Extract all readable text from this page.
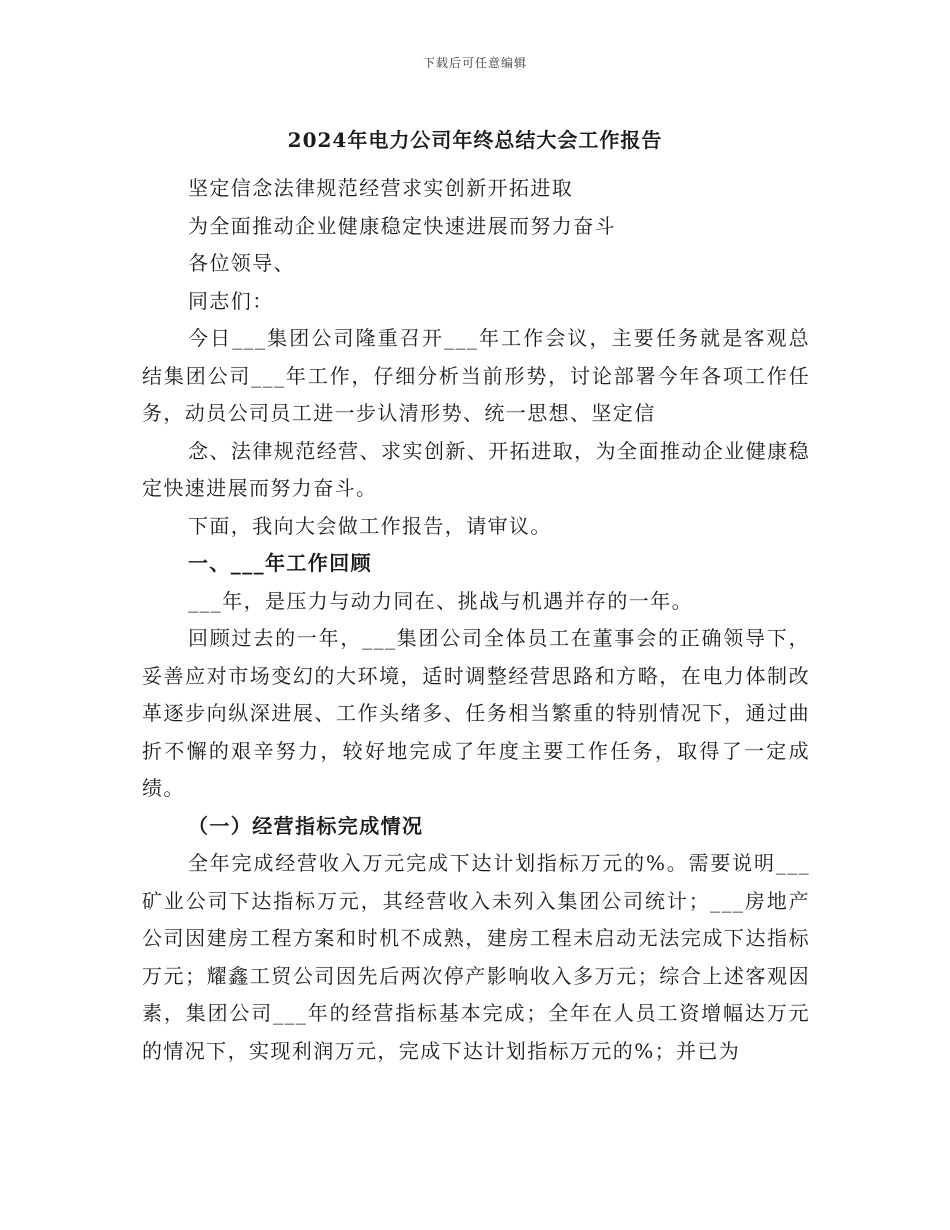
下载后可任意编辑
2024年电力公司年终总结大会工作报告

坚定信念法律规范经营求实创新开拓进取

为全面推动企业健康稳定快速进展而努力奋斗

各位领导、

同志们：

今日___集团公司隆重召开___年工作会议，主要任务就是客观总结集团公司___年工作，仔细分析当前形势，讨论部署今年各项工作任务，动员公司员工进一步认清形势、统一思想、坚定信

念、法律规范经营、求实创新、开拓进取，为全面推动企业健康稳定快速进展而努力奋斗。

下面，我向大会做工作报告，请审议。

一、___年工作回顾

___年，是压力与动力同在、挑战与机遇并存的一年。

回顾过去的一年，___集团公司全体员工在董事会的正确领导下，妥善应对市场变幻的大环境，适时调整经营思路和方略，在电力体制改革逐步向纵深进展、工作头绪多、任务相当繁重的特别情况下，通过曲折不懈的艰辛努力，较好地完成了年度主要工作任务，取得了一定成绩。

（一）经营指标完成情况

全年完成经营收入万元完成下达计划指标万元的%。需要说明___矿业公司下达指标万元，其经营收入未列入集团公司统计；___房地产公司因建房工程方案和时机不成熟，建房工程未启动无法完成下达指标万元；耀鑫工贸公司因先后两次停产影响收入多万元；综合上述客观因素，集团公司___年的经营指标基本完成；全年在人员工资增幅达万元的情况下，实现利润万元，完成下达计划指标万元的%；并已为
